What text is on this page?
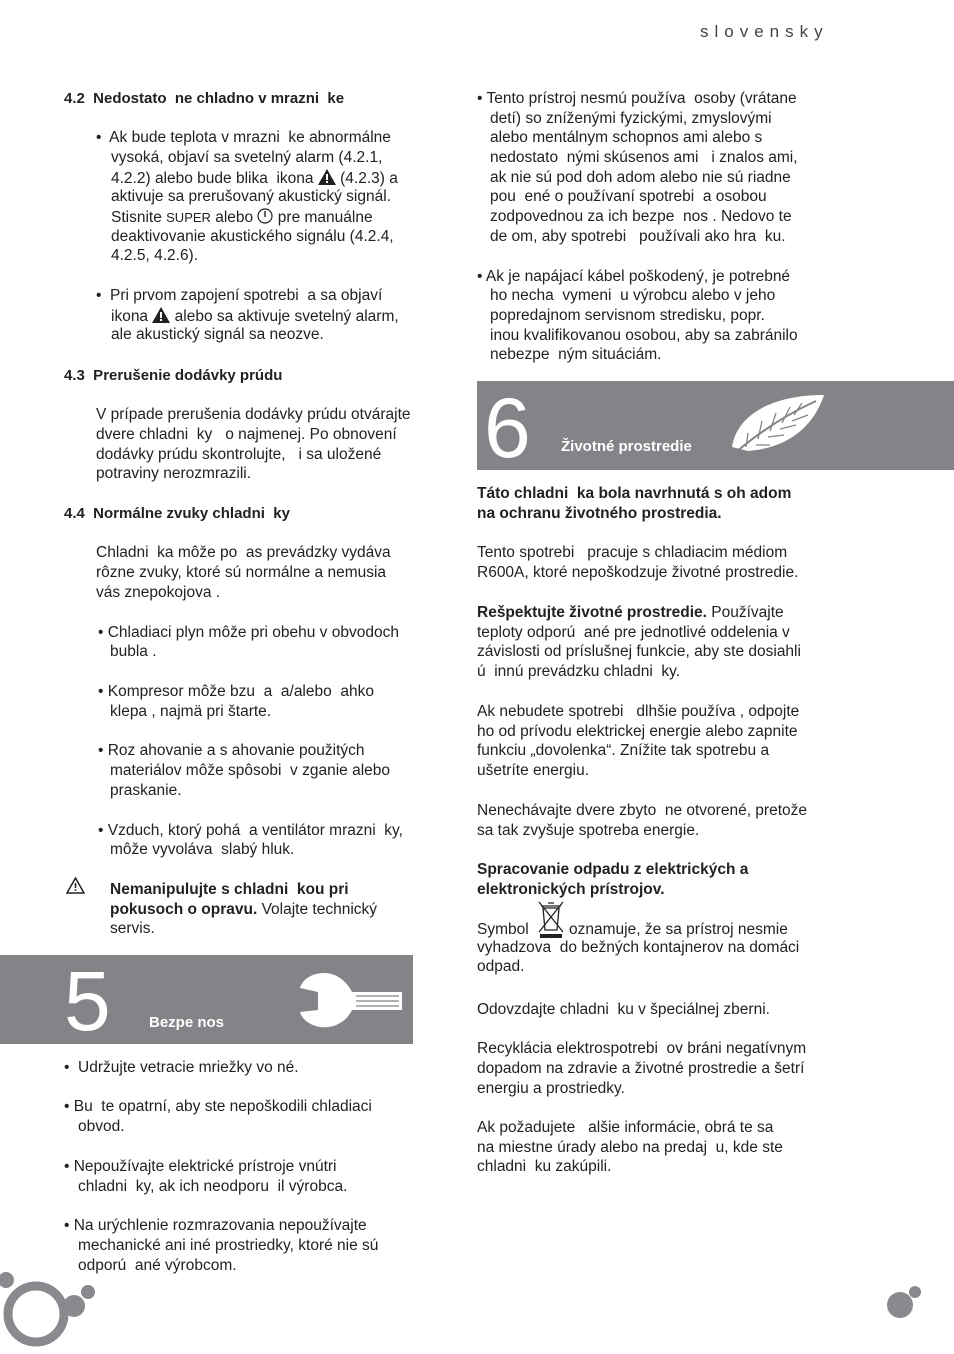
slovensky

4.2  Nedostato  ne chladno v mrazni  ke

•  Ak bude teplota v mrazni  ke abnormálne

vysoká, objaví sa svetelný alarm (4.2.1,

4.2.2) alebo bude blika  ikona  (4.2.3) a

aktivuje sa prerušovaný akustický signál.

Stisnite SUPER alebo  pre manuálne

deaktivovanie akustického signálu (4.2.4,

4.2.5, 4.2.6).

•  Pri prvom zapojení spotrebi  a sa objaví

ikona  alebo sa aktivuje svetelný alarm,

ale akustický signál sa neozve.

4.3  Prerušenie dodávky prúdu

V prípade prerušenia dodávky prúdu otvárajte

dvere chladni  ky   o najmenej. Po obnovení

dodávky prúdu skontrolujte,   i sa uložené

potraviny nerozmrazili.

4.4  Normálne zvuky chladni  ky

Chladni  ka môže po  as prevádzky vydáva

rôzne zvuky, ktoré sú normálne a nemusia

vás znepokojova .

• Chladiaci plyn môže pri obehu v obvodoch

bubla .

• Kompresor môže bzu  a  a/alebo  ahko

klepa , najmä pri štarte.

• Roz ahovanie a s ahovanie použitých

materiálov môže spôsobi  v zganie alebo

praskanie.

• Vzduch, ktorý pohá  a ventilátor mrazni  ky,

môže vyvoláva  slabý hluk.

Nemanipulujte s chladni  kou pri

pokusoch o opravu. Volajte technický

servis.

5	Bezpe nos

•  Udržujte vetracie mriežky vo né.

• Bu  te opatrní, aby ste nepoškodili chladiaci

obvod.

• Nepoužívajte elektrické prístroje vnútri

chladni  ky, ak ich neodporu  il výrobca.

• Na urýchlenie rozmrazovania nepoužívajte

mechanické ani iné prostriedky, ktoré nie sú

odporú  ané výrobcom.

• Tento prístroj nesmú používa  osoby (vrátane

detí) so zníženými fyzickými, zmyslovými

alebo mentálnym schopnos ami alebo s

nedostato  nými skúsenos ami   i znalos ami,

ak nie sú pod doh adom alebo nie sú riadne

pou  ené o používaní spotrebi  a osobou

zodpovednou za ich bezpe  nos . Nedovo te

de om, aby spotrebi   používali ako hra  ku.

• Ak je napájací kábel poškodený, je potrebné

ho necha  vymeni  u výrobcu alebo v jeho

popredajnom servisnom stredisku, popr.

inou kvalifikovanou osobou, aby sa zabránilo

nebezpe  ným situáciám.

6 Životné prostredie

Táto chladni  ka bola navrhnutá s oh adom

na ochranu životného prostredia.

Tento spotrebi   pracuje s chladiacim médiom

R600A, ktoré nepoškodzuje životné prostredie.

Rešpektujte životné prostredie. Používajte

teploty odporú  ané pre jednotlivé oddelenia v

závislosti od príslušnej funkcie, aby ste dosiahli

ú  innú prevádzku chladni  ky.

Ak nebudete spotrebi   dlhšie používa , odpojte

ho od prívodu elektrickej energie alebo zapnite

funkciu „dovolenka“. Znížite tak spotrebu a

ušetríte energiu.

Nenechávajte dvere zbyto  ne otvorené, pretože

sa tak zvyšuje spotreba energie.

Spracovanie odpadu z elektrických a

elektronických prístrojov.

Symbol	oznamuje, že sa prístroj nesmie

vyhadzova  do bežných kontajnerov na domáci

odpad.

Odovzdajte chladni  ku v špeciálnej zberni.

Recyklácia elektrospotrebi  ov bráni negatívnym

dopadom na zdravie a životné prostredie a šetrí

energiu a prostriedky.

Ak požadujete   alšie informácie, obrá te sa

na miestne úrady alebo na predaj  u, kde ste

chladni  ku zakúpili.
